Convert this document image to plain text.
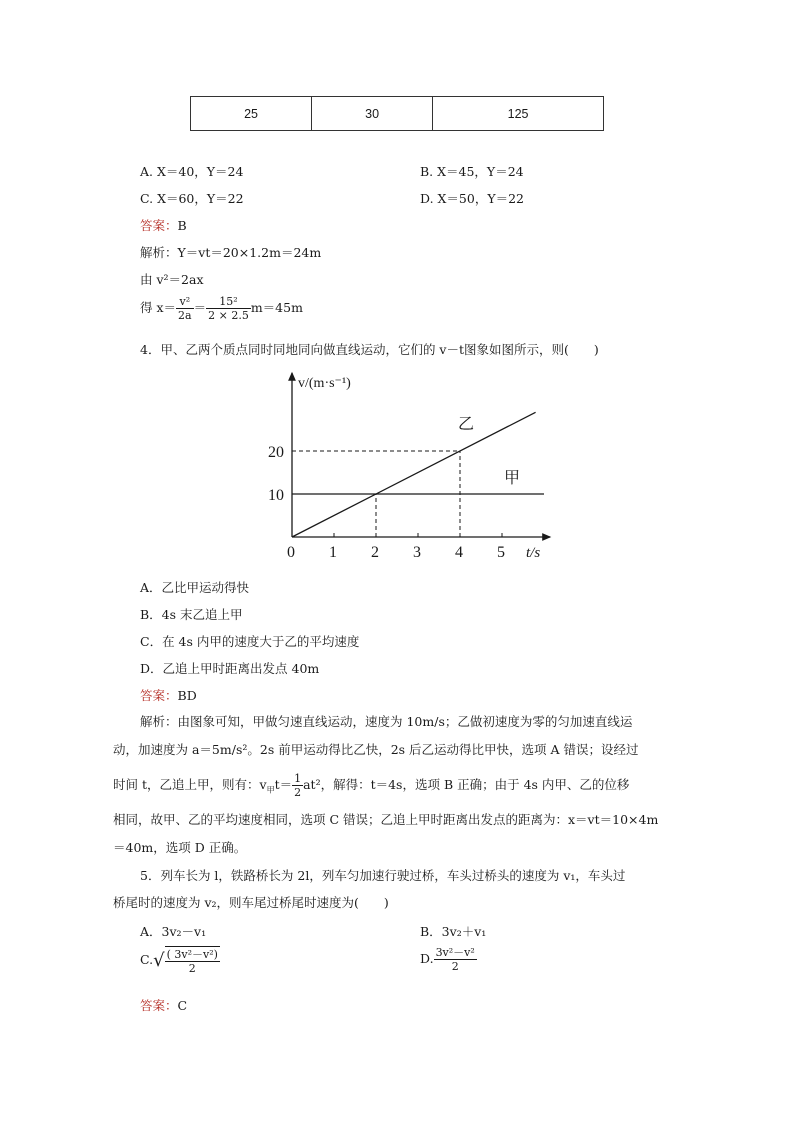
25	30	125
A. X＝40，Y＝24	B. X＝45，Y＝24
C. X＝60，Y＝22	D. X＝50，Y＝22
答案：B
解析：Y＝vt＝20×1.2m＝24m
由 v²＝2ax
得 $x= \frac{\text{v²}}{2a} = \frac{\text{15²}}{2 \times 2.5} m=45m$
4．甲、乙两个质点同时同地同向做直线运动，它们的 v－t图象如图所示，则(　　)
0 1 2 3 4 5
10
20
v/(m·s⁻¹)
t/s
乙
甲
A．乙比甲运动得快
B．4s 末乙追上甲
C．在 4s 内甲的速度大于乙的平均速度
D．乙追上甲时距离出发点 40m
答案：BD
解析：由图象可知，甲做匀速直线运动，速度为 10m/s；乙做初速度为零的匀加速直线运
动，加速度为 a＝5m/s²。2s 前甲运动得比乙快，2s 后乙运动得比甲快，选项 A 错误；设经过
时间 t，乙追上甲，则有：$v_甲t= \frac{1}{2} at^2$，解得：t＝4s，选项 B 正确；由于 4s 内甲、乙的位移
相同，故甲、乙的平均速度相同，选项 C 错误；乙追上甲时距离出发点的距离为：x＝vt＝10×4m
＝40m，选项 D 正确。
5．列车长为 l，铁路桥长为 2l，列车匀加速行驶过桥，车头过桥头的速度为 v₁，车头过
桥尾时的速度为 v₂，则车尾过桥尾时速度为(　　)
A．3v₂－v₁	B．3v₂＋v₁
$C.√ \frac{\text{( 3v²－v²)}}{2}$	D. $\frac{\text{3v²－v²}}{2}$
答案：C
